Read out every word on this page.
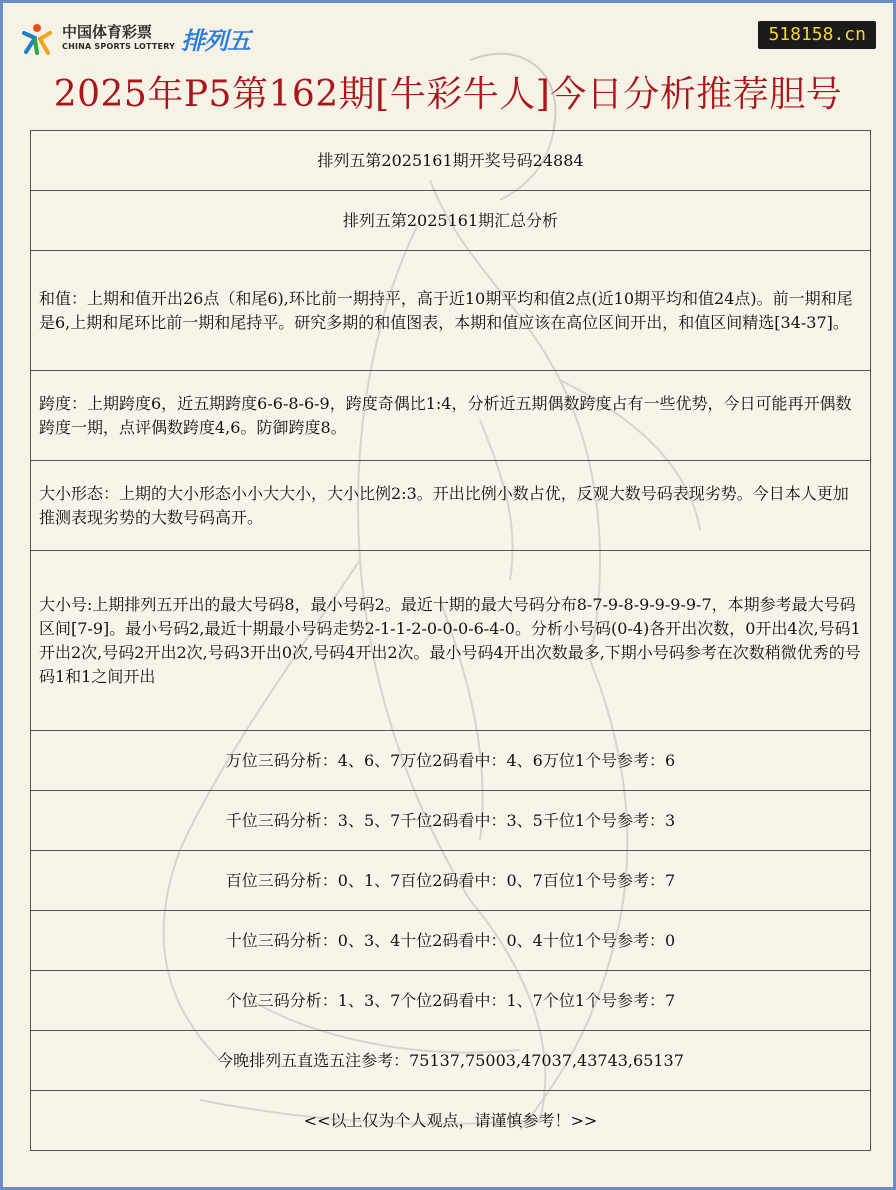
中国体育彩票
CHINA SPORTS LOTTERY 排列五	518158.cn
2025年P5第162期[牛彩牛人]今日分析推荐胆号
排列五第2025161期开奖号码24884
排列五第2025161期汇总分析
和值：上期和值开出26点（和尾6),环比前一期持平，高于近10期平均和值2点(近10期平均和值24点)。前一期和尾是6,上期和尾环比前一期和尾持平。研究多期的和值图表，本期和值应该在高位区间开出，和值区间精选[34-37]。
跨度：上期跨度6，近五期跨度6-6-8-6-9，跨度奇偶比1:4，分析近五期偶数跨度占有一些优势，今日可能再开偶数跨度一期，点评偶数跨度4,6。防御跨度8。
大小形态：上期的大小形态小小大大小，大小比例2:3。开出比例小数占优，反观大数号码表现劣势。今日本人更加推测表现劣势的大数号码高开。
大小号:上期排列五开出的最大号码8，最小号码2。最近十期的最大号码分布8-7-9-8-9-9-9-9-7，本期参考最大号码区间[7-9]。最小号码2,最近十期最小号码走势2-1-1-2-0-0-0-6-4-0。分析小号码(0-4)各开出次数，0开出4次,号码1开出2次,号码2开出2次,号码3开出0次,号码4开出2次。最小号码4开出次数最多,下期小号码参考在次数稍微优秀的号码1和1之间开出
万位三码分析：4、6、7万位2码看中：4、6万位1个号参考：6
千位三码分析：3、5、7千位2码看中：3、5千位1个号参考：3
百位三码分析：0、1、7百位2码看中：0、7百位1个号参考：7
十位三码分析：0、3、4十位2码看中：0、4十位1个号参考：0
个位三码分析：1、3、7个位2码看中：1、7个位1个号参考：7
今晚排列五直选五注参考：75137,75003,47037,43743,65137
<<以上仅为个人观点，请谨慎参考！>>
